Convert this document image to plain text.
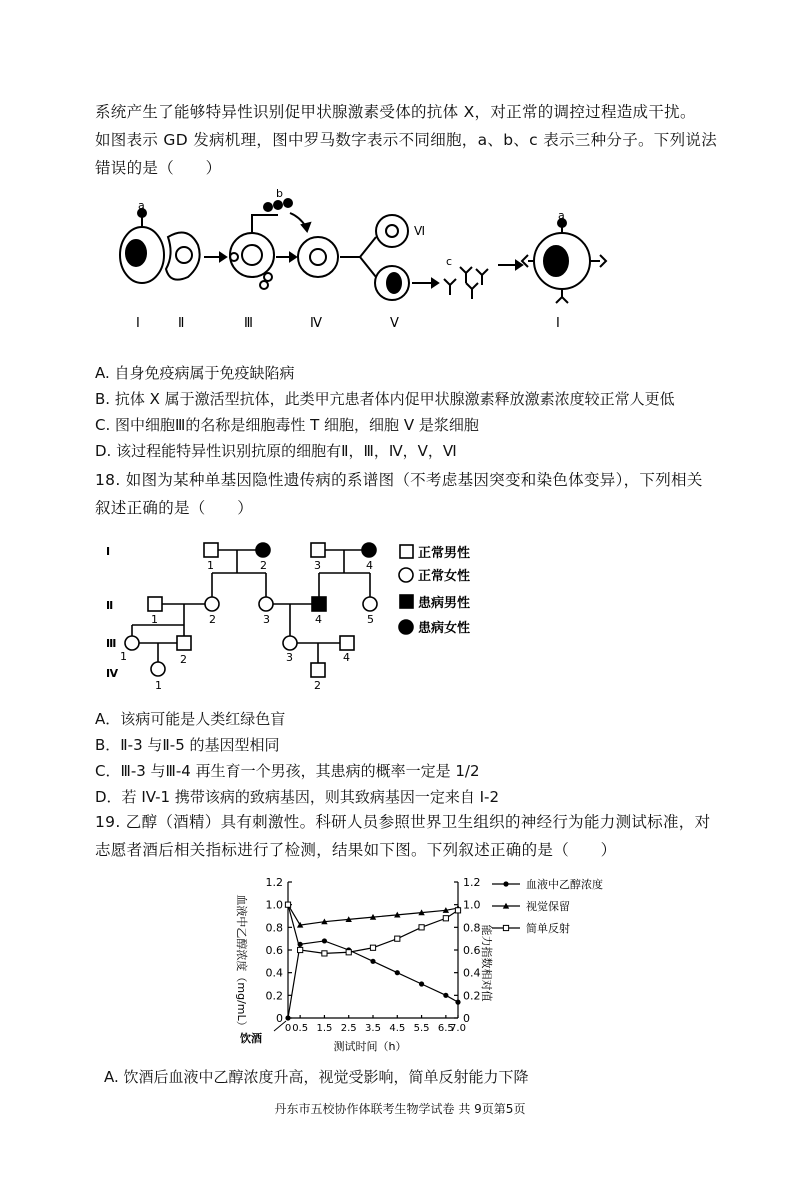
系统产生了能够特异性识别促甲状腺激素受体的抗体 X，对正常的调控过程造成干扰。
如图表示 GD 发病机理，图中罗马数字表示不同细胞，a、b、c 表示三种分子。下列说法
错误的是（　　）
a
a
b
c
Ⅰ	Ⅱ	Ⅲ	Ⅳ	Ⅴ
Ⅵ
Ⅰ
A. 自身免疫病属于免疫缺陷病
B. 抗体 X 属于激活型抗体，此类甲亢患者体内促甲状腺激素释放激素浓度较正常人更低
C. 图中细胞Ⅲ的名称是细胞毒性 T 细胞，细胞 V 是浆细胞
D. 该过程能特异性识别抗原的细胞有Ⅱ，Ⅲ，Ⅳ，Ⅴ，Ⅵ
18. 如图为某种单基因隐性遗传病的系谱图（不考虑基因突变和染色体变异），下列相关
叙述正确的是（　　）
Ⅰ
Ⅱ
Ⅲ
Ⅳ
1	2	3	4
1	2	3	4	5
1	2	3	4
1	2
正常男性
正常女性
患病男性
患病女性
A．该病可能是人类红绿色盲
B．Ⅱ-3 与Ⅱ-5 的基因型相同
C．Ⅲ-3 与Ⅲ-4 再生育一个男孩，其患病的概率一定是 1/2
D．若 IV-1 携带该病的致病基因，则其致病基因一定来自 I-2
19. 乙醇（酒精）具有刺激性。科研人员参照世界卫生组织的神经行为能力测试标准，对
志愿者酒后相关指标进行了检测，结果如下图。下列叙述正确的是（　　）
0	0
0.2	0.2
0.4	0.4
0.6	0.6
0.8	0.8
1.0	1.0
1.2	1.2
0 0.5 1.5 2.5 3.5 4.5 5.5 6.5
7.0
血液中乙醇浓度（mg/mL）	能力指数相对值
测试时间（h）
饮酒
血液中乙醇浓度
视觉保留
简单反射
A. 饮酒后血液中乙醇浓度升高，视觉受影响，简单反射能力下降
丹东市五校协作体联考生物学试卷 共 9页第5页
